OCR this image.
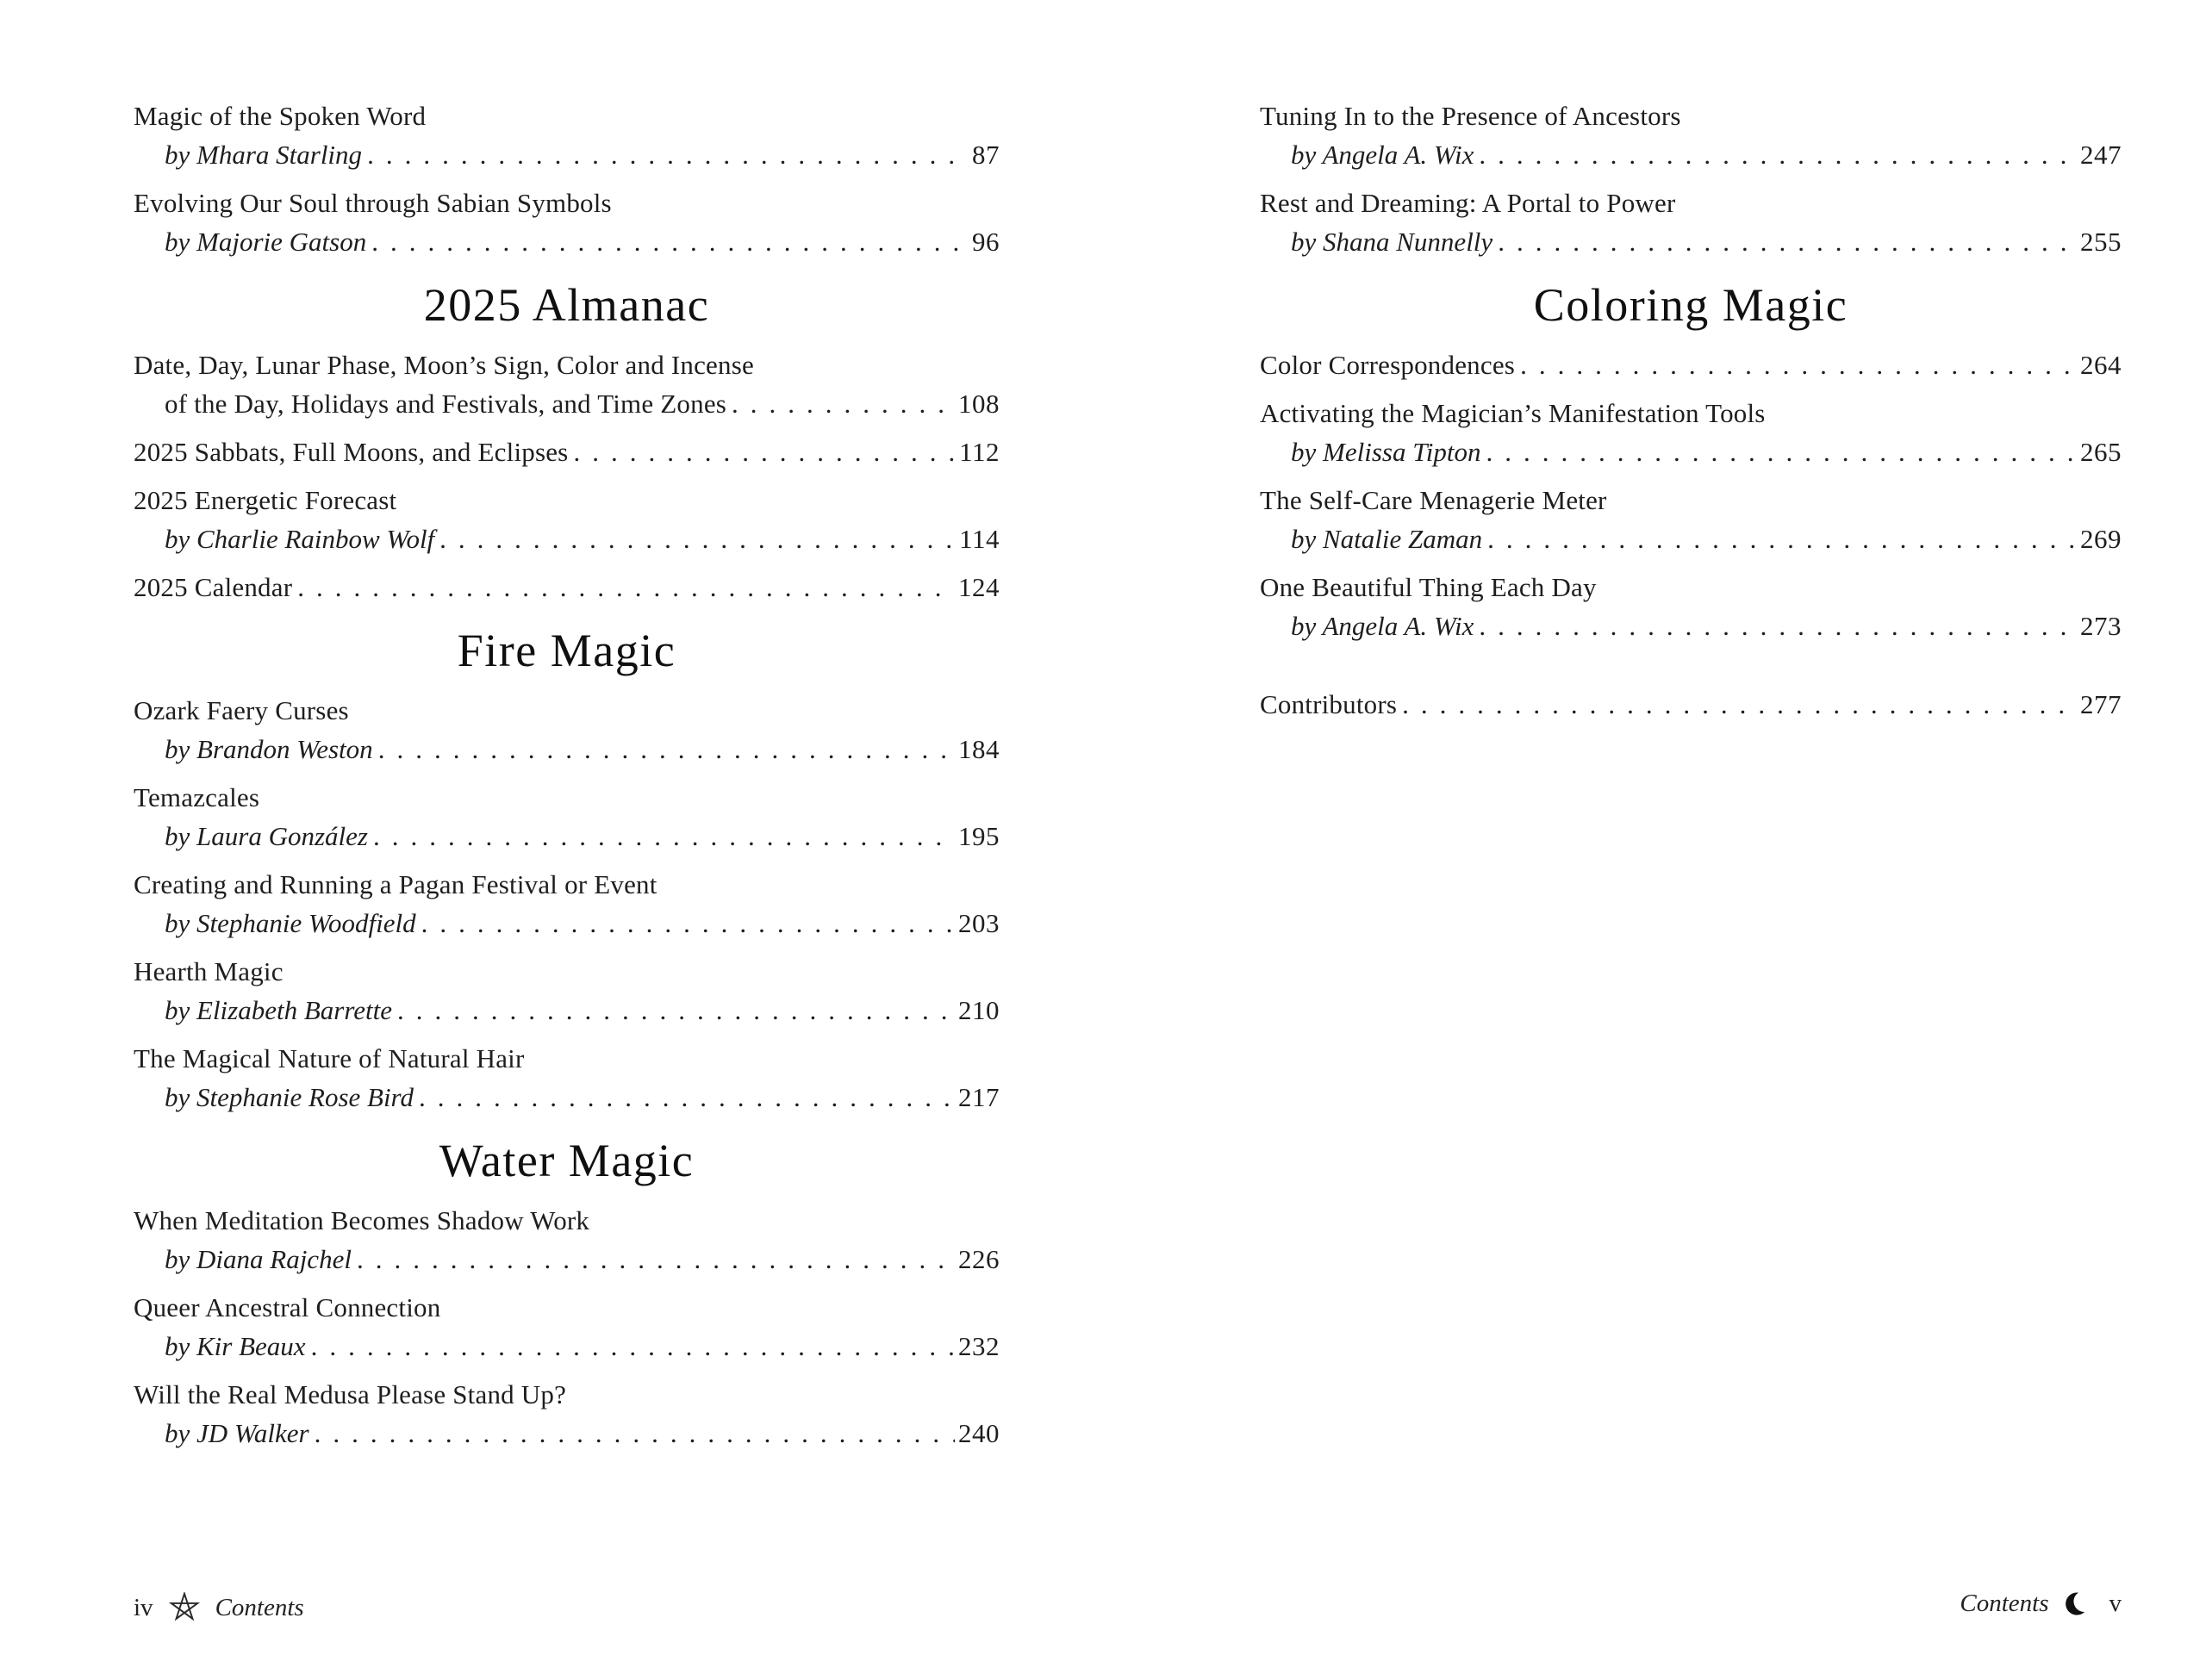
Magic of the Spoken Word
by Mhara Starling .....	87
Evolving Our Soul through Sabian Symbols
by Majorie Gatson .....	96
2025 Almanac
Date, Day, Lunar Phase, Moon’s Sign, Color and Incense
of the Day, Holidays and Festivals, and Time Zones .....	108
2025 Sabbats, Full Moons, and Eclipses .....	112
2025 Energetic Forecast
by Charlie Rainbow Wolf .....	114
2025 Calendar .....	124
Fire Magic
Ozark Faery Curses
by Brandon Weston .....	184
Temazcales
by Laura González .....	195
Creating and Running a Pagan Festival or Event
by Stephanie Woodfield .....	203
Hearth Magic
by Elizabeth Barrette .....	210
The Magical Nature of Natural Hair
by Stephanie Rose Bird .....	217
Water Magic
When Meditation Becomes Shadow Work
by Diana Rajchel .....	226
Queer Ancestral Connection
by Kir Beaux .....	232
Will the Real Medusa Please Stand Up?
by JD Walker .....	240
Tuning In to the Presence of Ancestors
by Angela A. Wix .....	247
Rest and Dreaming: A Portal to Power
by Shana Nunnelly .....	255
Coloring Magic
Color Correspondences .....	264
Activating the Magician’s Manifestation Tools
by Melissa Tipton .....	265
The Self-Care Menagerie Meter
by Natalie Zaman .....	269
One Beautiful Thing Each Day
by Angela A. Wix .....	273
Contributors .....	277
iv Contents	Contents v
